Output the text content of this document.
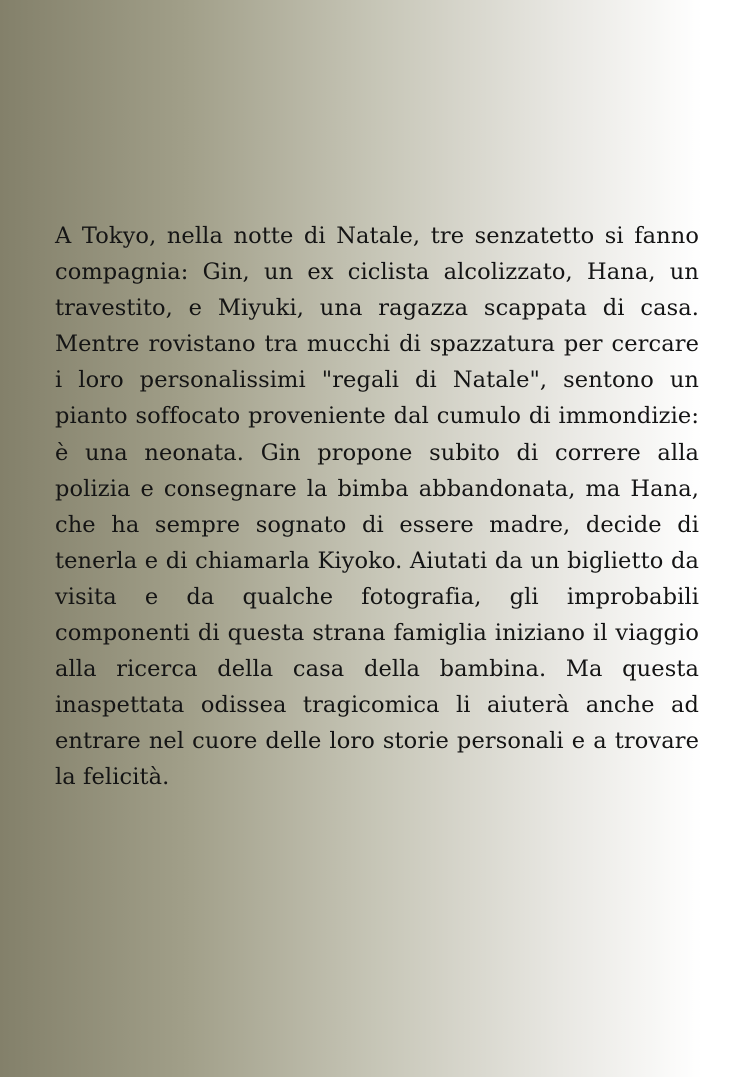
A Tokyo, nella notte di Natale, tre senzatetto si fanno compagnia: Gin, un ex ciclista alcolizzato, Hana, un travestito, e Miyuki, una ragazza scappata di casa. Mentre rovistano tra mucchi di spazzatura per cercare i loro personalissimi "regali di Natale", sentono un pianto soffocato proveniente dal cumulo di immondizie: è una neonata. Gin propone subito di correre alla polizia e consegnare la bimba abbandonata, ma Hana, che ha sempre sognato di essere madre, decide di tenerla e di chiamarla Kiyoko. Aiutati da un biglietto da visita e da qualche fotografia, gli improbabili componenti di questa strana famiglia iniziano il viaggio alla ricerca della casa della bambina. Ma questa inaspettata odissea tragicomica li aiuterà anche ad entrare nel cuore delle loro storie personali e a trovare la felicità.
